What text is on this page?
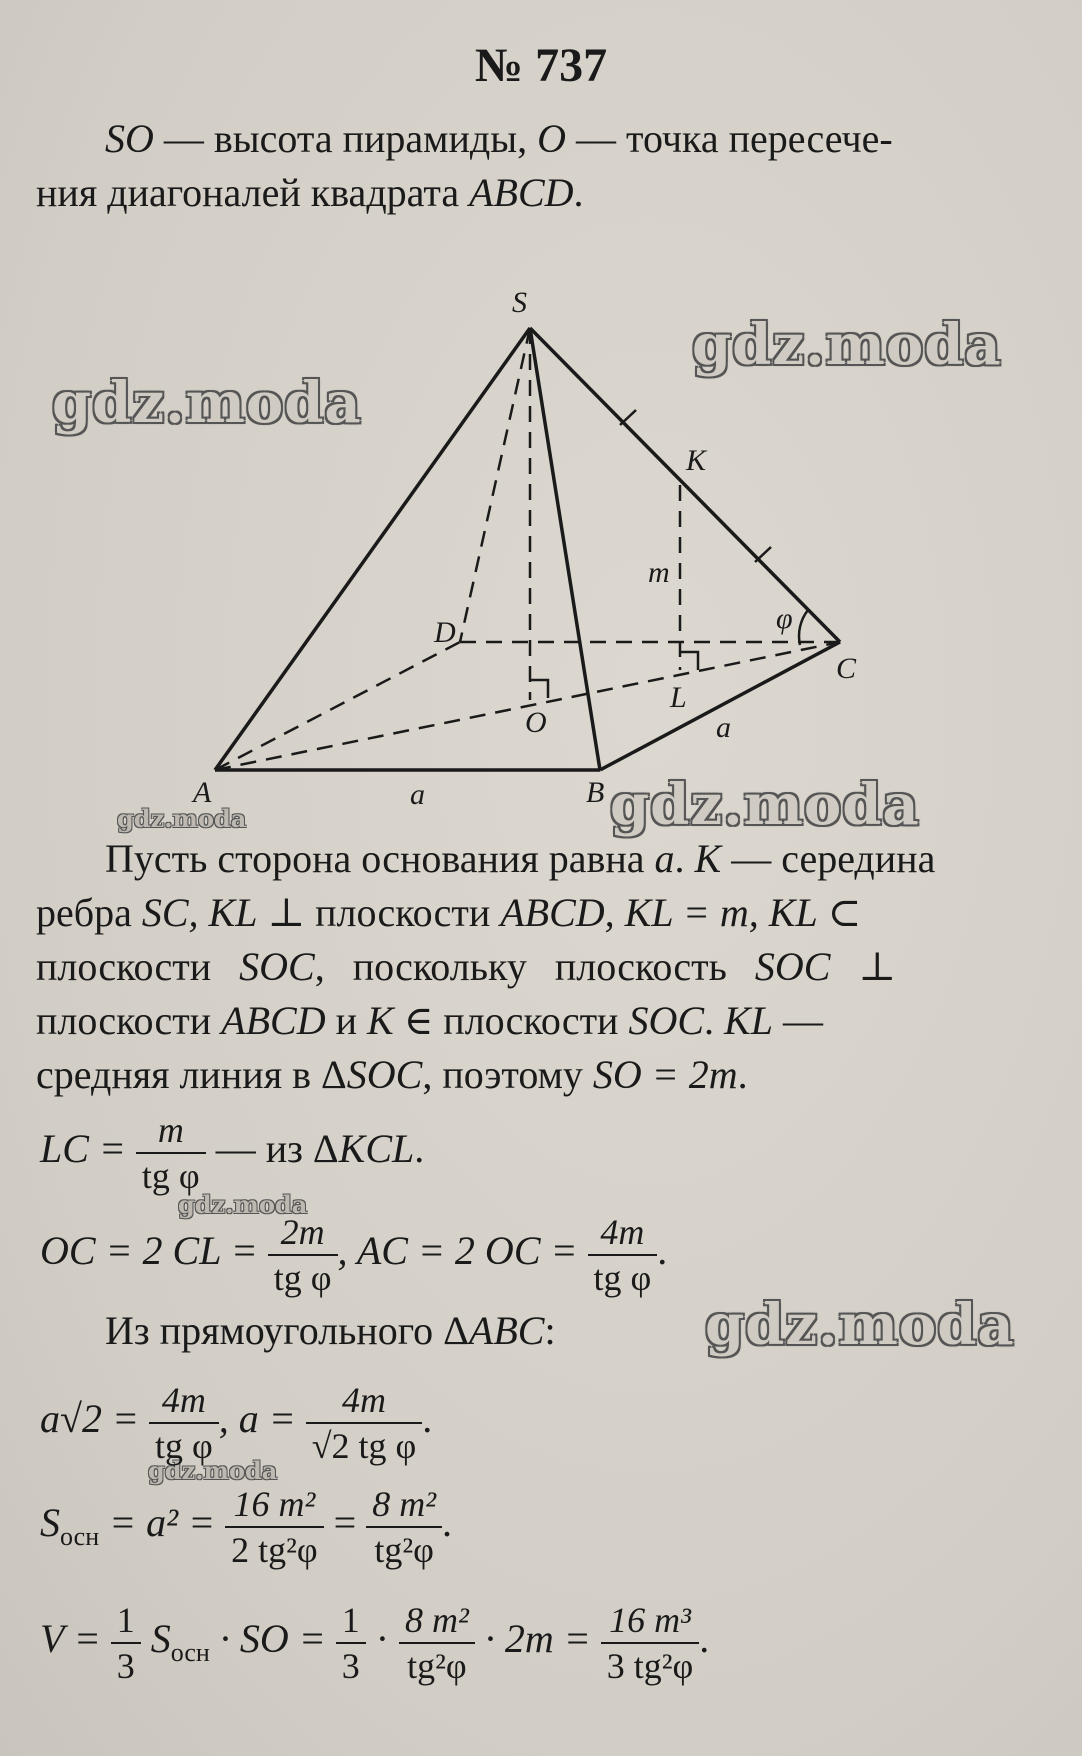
№ 737
SO — высота пирамиды, O — точка пересече-
ния диагоналей квадрата ABCD.
S
A	B
C
D
O
K
L
m
a
a
φ
gdz.moda
gdz.moda
gdz.moda
gdz.moda
gdz.moda
gdz.moda
gdz.moda
Пусть сторона основания равна a. K — середина
ребра SC, KL ⊥ плоскости ABCD, KL = m, KL ⊂
плоскости SOC, поскольку плоскость SOC ⊥
плоскости ABCD и K ∈ плоскости SOC. KL —
средняя линия в ΔSOC, поэтому SO = 2m.
LC = $\frac{m}{\text{tg φ}}$ — из ΔKCL.
OC = 2 CL = $\frac{2m}{\text{tg φ}}$ , AC = 2 OC = $\frac{4m}{\text{tg φ}}$ .
Из прямоугольного ΔABC:
$a√2 = \frac{4m}{\text{tg φ}}$ , $a = \frac{4m}{\text{√2 tg φ}}$ .
$S_{осн} = a^2 = \frac{\text{16 m²}}{\text{2 tg²φ}} = \frac{\text{8 m²}}{\text{tg²φ}}$ .
$V = \frac{1}{3} S_{осн}$ · SO = $\frac{1}{3} \cdot \frac{\text{8 m²}}{\text{tg²φ}} \cdot 2m = \frac{\text{16 m³}}{\text{3 tg²φ}}$ .
